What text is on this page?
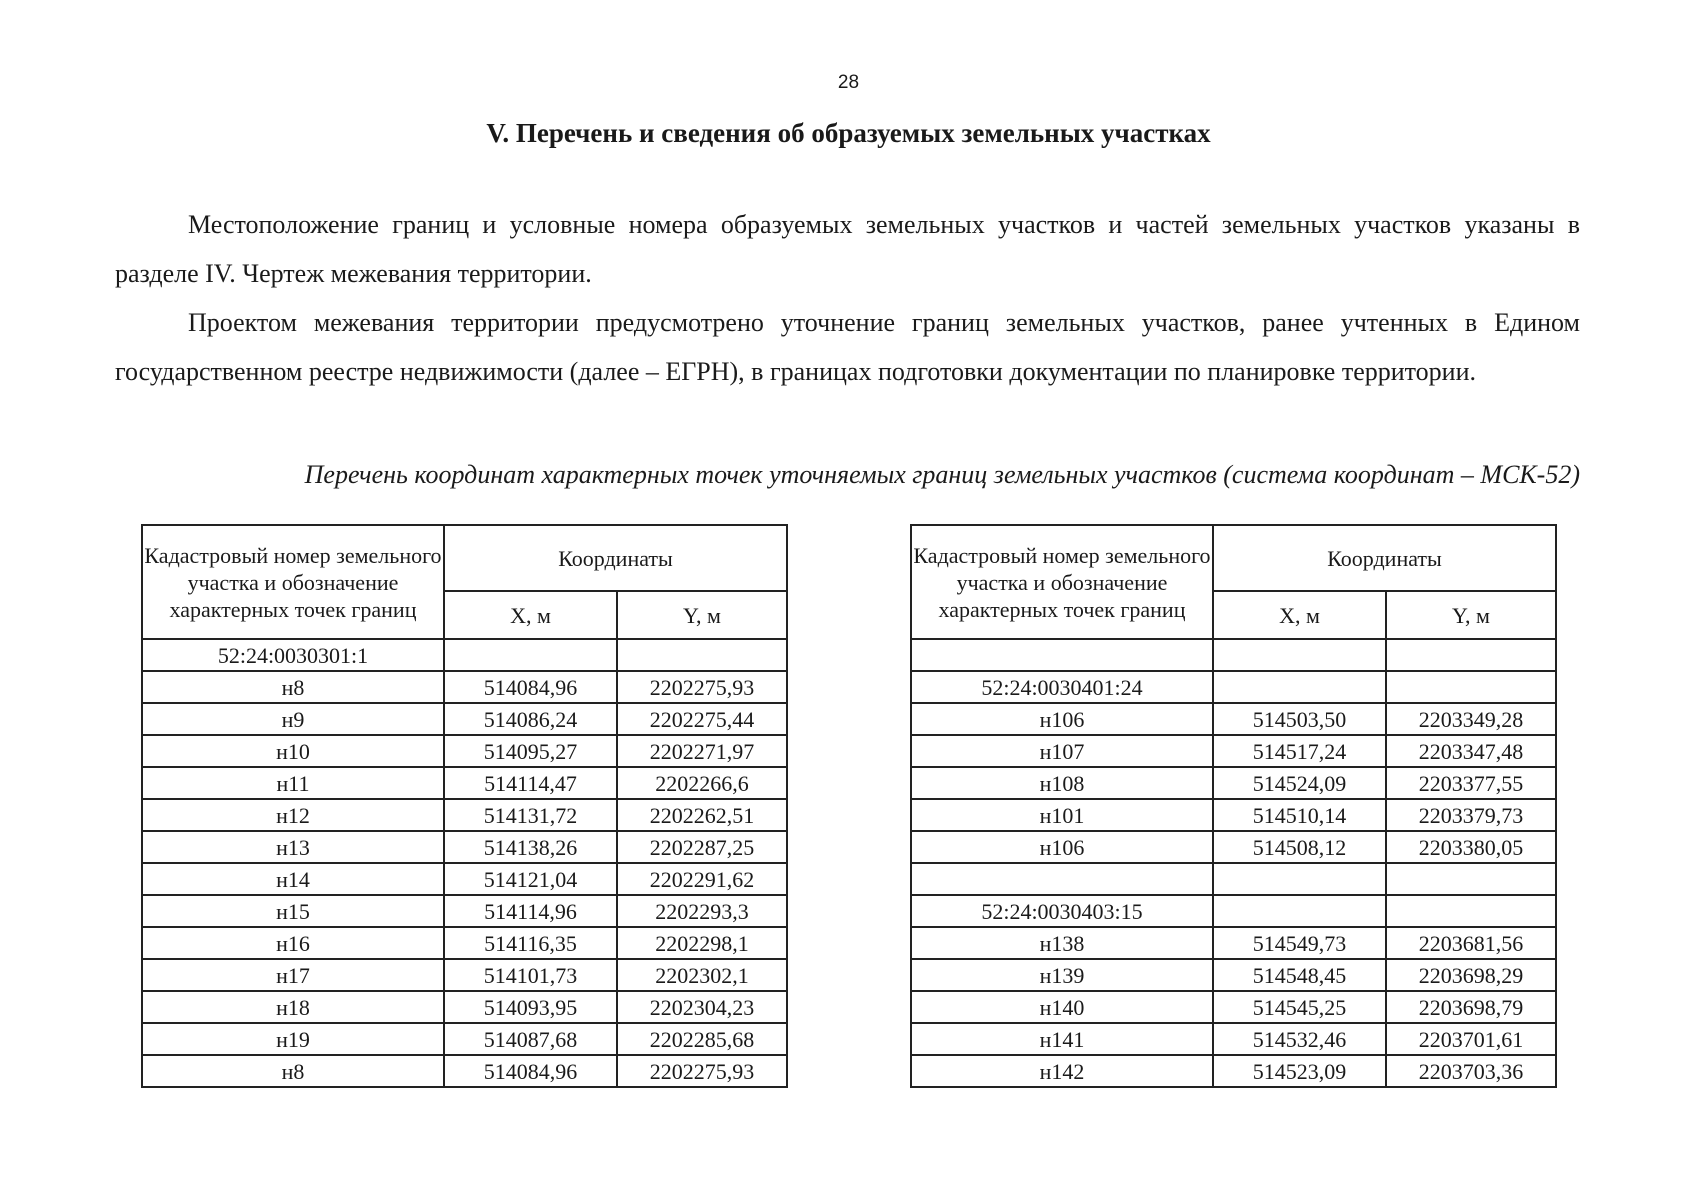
28
V. Перечень и сведения об образуемых земельных участках

Местоположение границ и условные номера образуемых земельных участков и частей земельных участков указаны в разделе IV. Чертеж межевания территории.

Проектом межевания территории предусмотрено уточнение границ земельных участков, ранее учтенных в Едином государственном реестре недвижимости (далее – ЕГРН), в границах подготовки документации по планировке территории.

Перечень координат характерных точек уточняемых границ земельных участков (система координат – МСК-52)
Кадастровый номер земельного участка и обозначение характерных точек границ	Координаты	
	X, м	Y, м
52:24:0030301:1		
н8	514084,96	2202275,93
н9	514086,24	2202275,44
н10	514095,27	2202271,97
н11	514114,47	2202266,6
н12	514131,72	2202262,51
н13	514138,26	2202287,25
н14	514121,04	2202291,62
н15	514114,96	2202293,3
н16	514116,35	2202298,1
н17	514101,73	2202302,1
н18	514093,95	2202304,23
н19	514087,68	2202285,68
н8	514084,96	2202275,93
Кадастровый номер земельного участка и обозначение характерных точек границ	Координаты	
	X, м	Y, м

52:24:0030401:24		
н106	514503,50	2203349,28
н107	514517,24	2203347,48
н108	514524,09	2203377,55
н101	514510,14	2203379,73
н106	514508,12	2203380,05

52:24:0030403:15		
н138	514549,73	2203681,56
н139	514548,45	2203698,29
н140	514545,25	2203698,79
н141	514532,46	2203701,61
н142	514523,09	2203703,36
